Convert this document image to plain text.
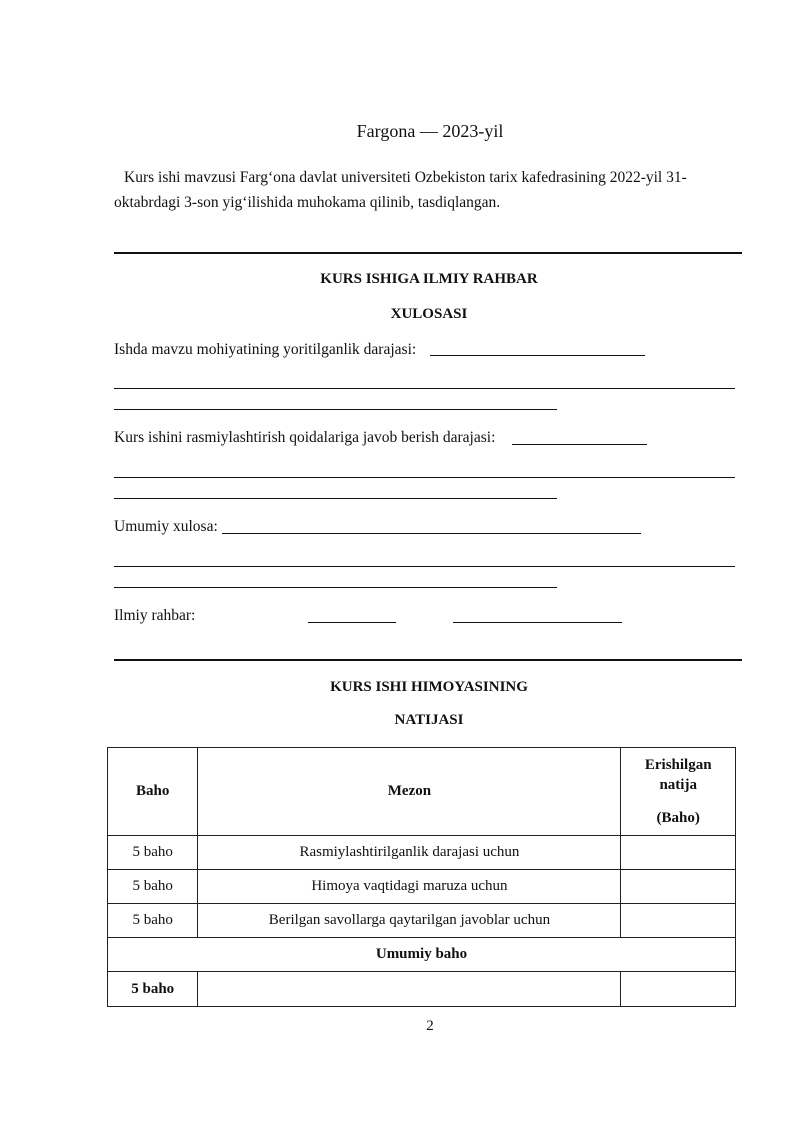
Fargona — 2023-yil
Kurs ishi mavzusi Farg‘ona davlat universiteti Ozbekiston tarix kafedrasining 2022-yil 31-
oktabrdagi 3-son yig‘ilishida muhokama qilinib, tasdiqlangan.
KURS ISHIGA ILMIY RAHBAR
XULOSASI
Ishda mavzu mohiyatining yoritilganlik darajasi:
Kurs ishini rasmiylashtirish qoidalariga javob berish darajasi:
Umumiy xulosa:
Ilmiy rahbar:
KURS ISHI HIMOYASINING
NATIJASI
Baho	Mezon	Erishilgan
natija
(Baho)
5 baho	Rasmiylashtirilganlik darajasi uchun	
5 baho	Himoya vaqtidagi maruza uchun	
5 baho	Berilgan savollarga qaytarilgan javoblar uchun	
Umumiy baho		
5 baho		
2
